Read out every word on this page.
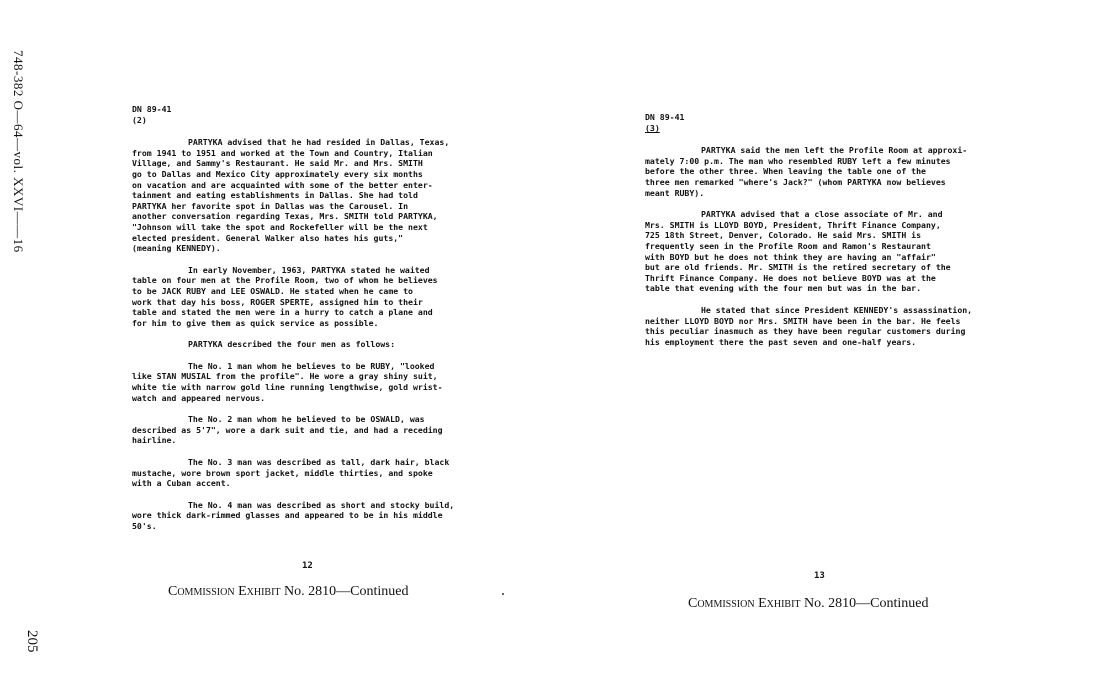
748-382 O—64—vol. XXVI——16
205

DN 89-41

(2)

PARTYKA advised that he had resided in Dallas, Texas,
from 1941 to 1951 and worked at the Town and Country, Italian
Village, and Sammy's Restaurant. He said Mr. and Mrs. SMITH
go to Dallas and Mexico City approximately every six months
on vacation and are acquainted with some of the better enter-
tainment and eating establishments in Dallas. She had told
PARTYKA her favorite spot in Dallas was the Carousel. In
another conversation regarding Texas, Mrs. SMITH told PARTYKA,
"Johnson will take the spot and Rockefeller will be the next
elected president. General Walker also hates his guts,"
(meaning KENNEDY).

In early November, 1963, PARTYKA stated he waited
table on four men at the Profile Room, two of whom he believes
to be JACK RUBY and LEE OSWALD. He stated when he came to
work that day his boss, ROGER SPERTE, assigned him to their
table and stated the men were in a hurry to catch a plane and
for him to give them as quick service as possible.

PARTYKA described the four men as follows:

The No. 1 man whom he believes to be RUBY, "looked
like STAN MUSIAL from the profile". He wore a gray shiny suit,
white tie with narrow gold line running lengthwise, gold wrist-
watch and appeared nervous.

The No. 2 man whom he believed to be OSWALD, was
described as 5'7", wore a dark suit and tie, and had a receding
hairline.

The No. 3 man was described as tall, dark hair, black
mustache, wore brown sport jacket, middle thirties, and spoke
with a Cuban accent.

The No. 4 man was described as short and stocky build,
wore thick dark-rimmed glasses and appeared to be in his middle
50's.

12
Commission Exhibit No. 2810—Continued

DN 89-41

(3)

PARTYKA said the men left the Profile Room at approxi-
mately 7:00 p.m. The man who resembled RUBY left a few minutes
before the other three. When leaving the table one of the
three men remarked "where's Jack?" (whom PARTYKA now believes
meant RUBY).

PARTYKA advised that a close associate of Mr. and
Mrs. SMITH is LLOYD BOYD, President, Thrift Finance Company,
725 18th Street, Denver, Colorado. He said Mrs. SMITH is
frequently seen in the Profile Room and Ramon's Restaurant
with BOYD but he does not think they are having an "affair"
but are old friends. Mr. SMITH is the retired secretary of the
Thrift Finance Company. He does not believe BOYD was at the
table that evening with the four men but was in the bar.

He stated that since President KENNEDY's assassination,
neither LLOYD BOYD nor Mrs. SMITH have been in the bar. He feels
this peculiar inasmuch as they have been regular customers during
his employment there the past seven and one-half years.

13
Commission Exhibit No. 2810—Continued
